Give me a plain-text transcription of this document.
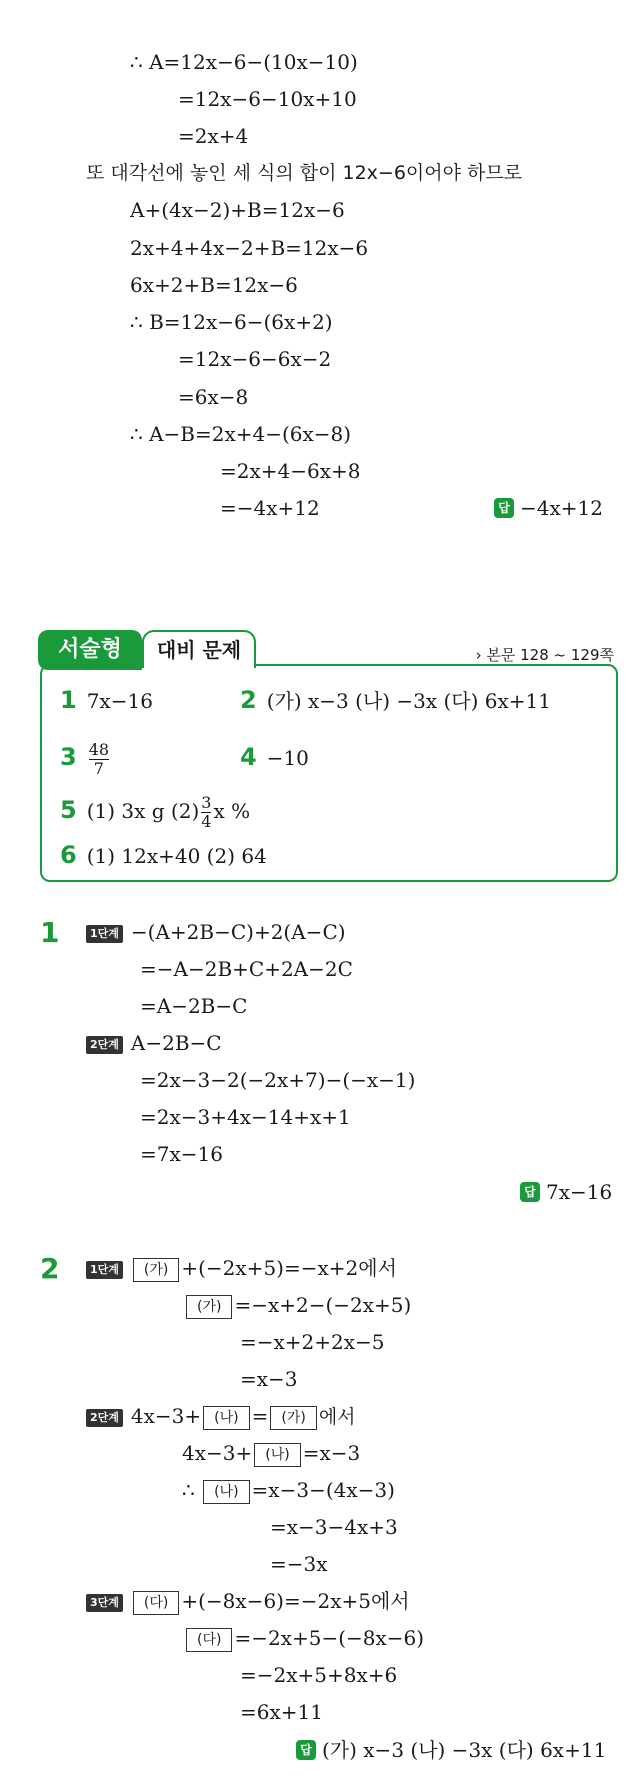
∴ A=12x−6−(10x−10)
=12x−6−10x+10
=2x+4
또 대각선에 놓인 세 식의 합이 12x−6이어야 하므로
A+(4x−2)+B=12x−6
2x+4+4x−2+B=12x−6
6x+2+B=12x−6
∴ B=12x−6−(6x+2)
=12x−6−6x−2
=6x−8
∴ A−B=2x+4−(6x−8)
=2x+4−6x+8
=−4x+12	답 −4x+12
서술형	대비 문제	› 본문 128 ~ 129쪽
1 7x−16	2 (가) x−3 (나) −3x (다) 6x+11
$3 \frac{48}{7}$	4 −10
5 (1) 3x g $(2) \frac{3}{4}$ x %
6 (1) 12x+40 (2) 64
1	1단계 −(A+2B−C)+2(A−C)
=−A−2B+C+2A−2C
=A−2B−C
2단계 A−2B−C
=2x−3−2(−2x+7)−(−x−1)
=2x−3+4x−14+x+1
=7x−16
답 7x−16
2	1단계 (가) +(−2x+5)=−x+2에서
(가) =−x+2−(−2x+5)
=−x+2+2x−5
=x−3
2단계 4x−3+ (나) = (가) 에서
4x−3+ (나) =x−3
∴ (나) =x−3−(4x−3)
=x−3−4x+3
=−3x
3단계 (다) +(−8x−6)=−2x+5에서
(다) =−2x+5−(−8x−6)
=−2x+5+8x+6
=6x+11
답 (가) x−3 (나) −3x (다) 6x+11
